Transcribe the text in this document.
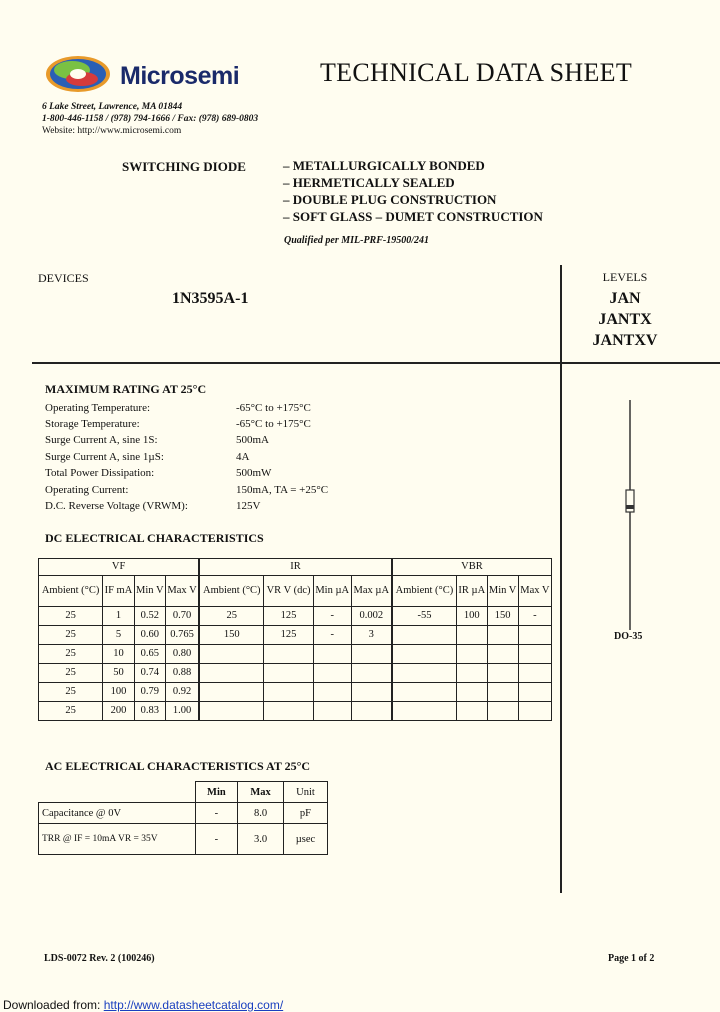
Microsemi	TECHNICAL DATA SHEET
6 Lake Street, Lawrence, MA 01844
1-800-446-1158 / (978) 794-1666 / Fax: (978) 689-0803
Website: http://www.microsemi.com
SWITCHING DIODE	– METALLURGICALLY BONDED
– HERMETICALLY SEALED
– DOUBLE PLUG CONSTRUCTION
– SOFT GLASS – DUMET CONSTRUCTION
Qualified per MIL-PRF-19500/241
DEVICES
1N3595A-1
LEVELS
JAN
JANTX
JANTXV
MAXIMUM RATING AT 25°C
Operating Temperature:	-65°C to +175°C
Storage Temperature:	-65°C to +175°C
Surge Current A, sine 1S:	500mA
Surge Current A, sine 1µS:	4A
Total Power Dissipation:	500mW
Operating Current:	150mA, TA = +25°C
D.C. Reverse Voltage (VRWM):	125V
DC ELECTRICAL CHARACTERISTICS
VF				IR				VBR			
Ambient (°C)	IF mA	Min V	Max V	Ambient (°C)	VR V (dc)	Min µA	Max µA	Ambient (°C)	IR µA	Min V	Max V
25	1	0.52	0.70	25	125	-	0.002	-55	100	150	-
25	5	0.60	0.765	150	125	-	3				
25	10	0.65	0.80								
25	50	0.74	0.88								
25	100	0.79	0.92								
25	200	0.83	1.00								
AC ELECTRICAL CHARACTERISTICS AT 25°C
	Min	Max	Unit
Capacitance @ 0V	-	8.0	pF
TRR @ IF = 10mA VR = 35V	-	3.0	µsec
DO-35
LDS-0072 Rev. 2 (100246)	Page 1 of 2
Downloaded from: http://www.datasheetcatalog.com/
